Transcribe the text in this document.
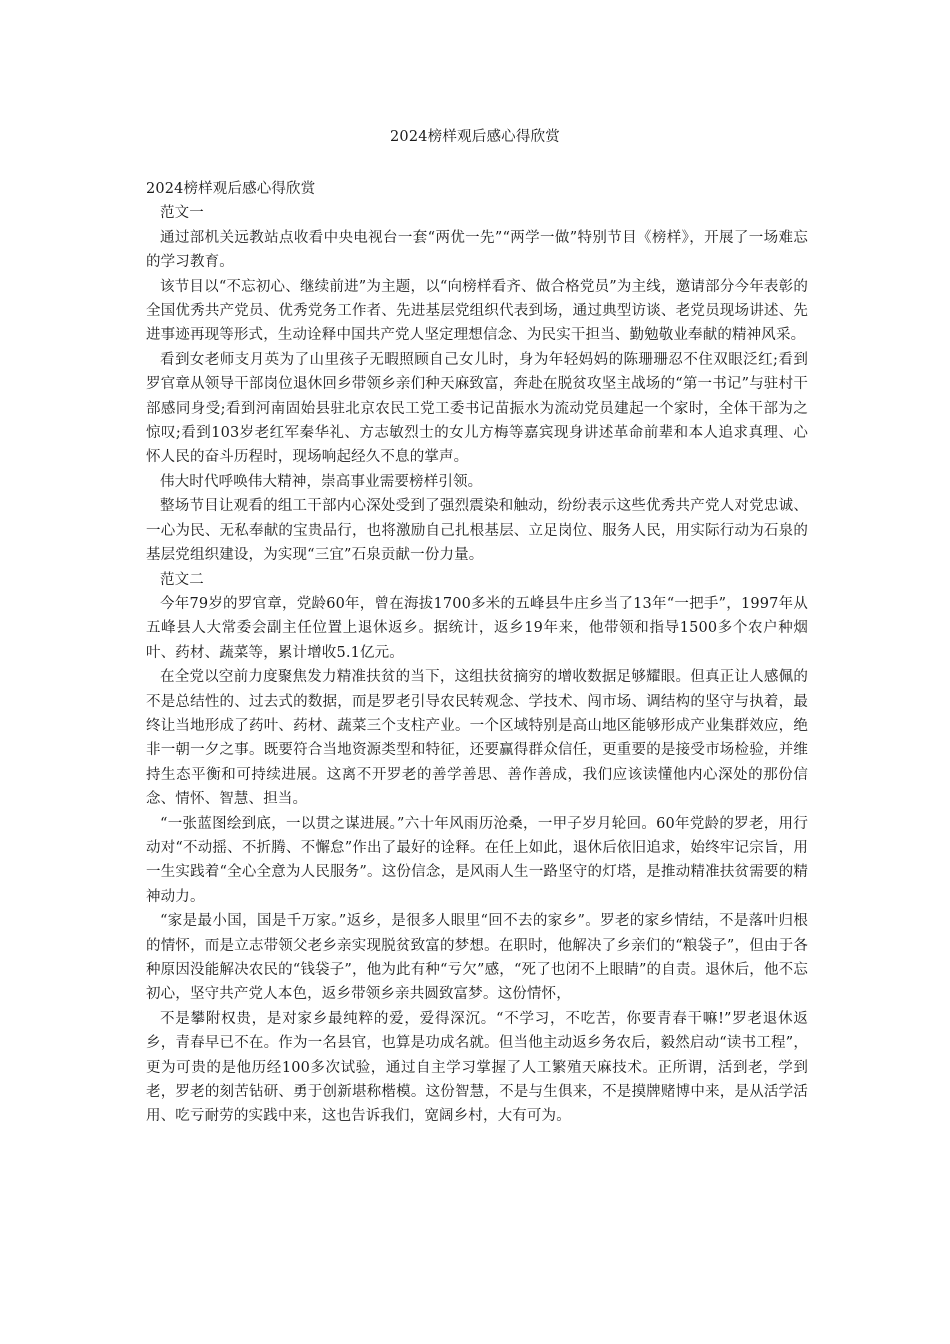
2024榜样观后感心得欣赏

2024榜样观后感心得欣赏

范文一

通过部机关远教站点收看中央电视台一套“两优一先”“两学一做”特别节目《榜样》，开展了一场难忘的学习教育。

该节目以“不忘初心、继续前进”为主题，以“向榜样看齐、做合格党员”为主线，邀请部分今年表彰的全国优秀共产党员、优秀党务工作者、先进基层党组织代表到场，通过典型访谈、老党员现场讲述、先进事迹再现等形式，生动诠释中国共产党人坚定理想信念、为民实干担当、勤勉敬业奉献的精神风采。

看到女老师支月英为了山里孩子无暇照顾自己女儿时，身为年轻妈妈的陈珊珊忍不住双眼泛红;看到罗官章从领导干部岗位退休回乡带领乡亲们种天麻致富，奔赴在脱贫攻坚主战场的“第一书记”与驻村干部感同身受;看到河南固始县驻北京农民工党工委书记苗振水为流动党员建起一个家时，全体干部为之惊叹;看到103岁老红军秦华礼、方志敏烈士的女儿方梅等嘉宾现身讲述革命前辈和本人追求真理、心怀人民的奋斗历程时，现场响起经久不息的掌声。

伟大时代呼唤伟大精神，崇高事业需要榜样引领。

整场节目让观看的组工干部内心深处受到了强烈震染和触动，纷纷表示这些优秀共产党人对党忠诚、一心为民、无私奉献的宝贵品行，也将激励自己扎根基层、立足岗位、服务人民，用实际行动为石泉的基层党组织建设，为实现“三宜”石泉贡献一份力量。

范文二

今年79岁的罗官章，党龄60年，曾在海拔1700多米的五峰县牛庄乡当了13年“一把手”，1997年从五峰县人大常委会副主任位置上退休返乡。据统计，返乡19年来，他带领和指导1500多个农户种烟叶、药材、蔬菜等，累计增收5.1亿元。

在全党以空前力度聚焦发力精准扶贫的当下，这组扶贫摘穷的增收数据足够耀眼。但真正让人感佩的不是总结性的、过去式的数据，而是罗老引导农民转观念、学技术、闯市场、调结构的坚守与执着，最终让当地形成了药叶、药材、蔬菜三个支柱产业。一个区域特别是高山地区能够形成产业集群效应，绝非一朝一夕之事。既要符合当地资源类型和特征，还要赢得群众信任，更重要的是接受市场检验，并维持生态平衡和可持续进展。这离不开罗老的善学善思、善作善成，我们应该读懂他内心深处的那份信念、情怀、智慧、担当。

“一张蓝图绘到底，一以贯之谋进展。”六十年风雨历沧桑，一甲子岁月轮回。60年党龄的罗老，用行动对“不动摇、不折腾、不懈怠”作出了最好的诠释。在任上如此，退休后依旧追求，始终牢记宗旨，用一生实践着“全心全意为人民服务”。这份信念，是风雨人生一路坚守的灯塔，是推动精准扶贫需要的精神动力。

“家是最小国，国是千万家。”返乡，是很多人眼里“回不去的家乡”。罗老的家乡情结，不是落叶归根的情怀，而是立志带领父老乡亲实现脱贫致富的梦想。在职时，他解决了乡亲们的“粮袋子”，但由于各种原因没能解决农民的“钱袋子”，他为此有种“亏欠”感，“死了也闭不上眼睛”的自责。退休后，他不忘初心，坚守共产党人本色，返乡带领乡亲共圆致富梦。这份情怀，

不是攀附权贵，是对家乡最纯粹的爱，爱得深沉。“不学习，不吃苦，你要青春干嘛!”罗老退休返乡，青春早已不在。作为一名县官，也算是功成名就。但当他主动返乡务农后，毅然启动“读书工程”，更为可贵的是他历经100多次试验，通过自主学习掌握了人工繁殖天麻技术。正所谓，活到老，学到老，罗老的刻苦钻研、勇于创新堪称楷模。这份智慧，不是与生俱来，不是摸牌赌博中来，是从活学活用、吃亏耐劳的实践中来，这也告诉我们，宽阔乡村，大有可为。
